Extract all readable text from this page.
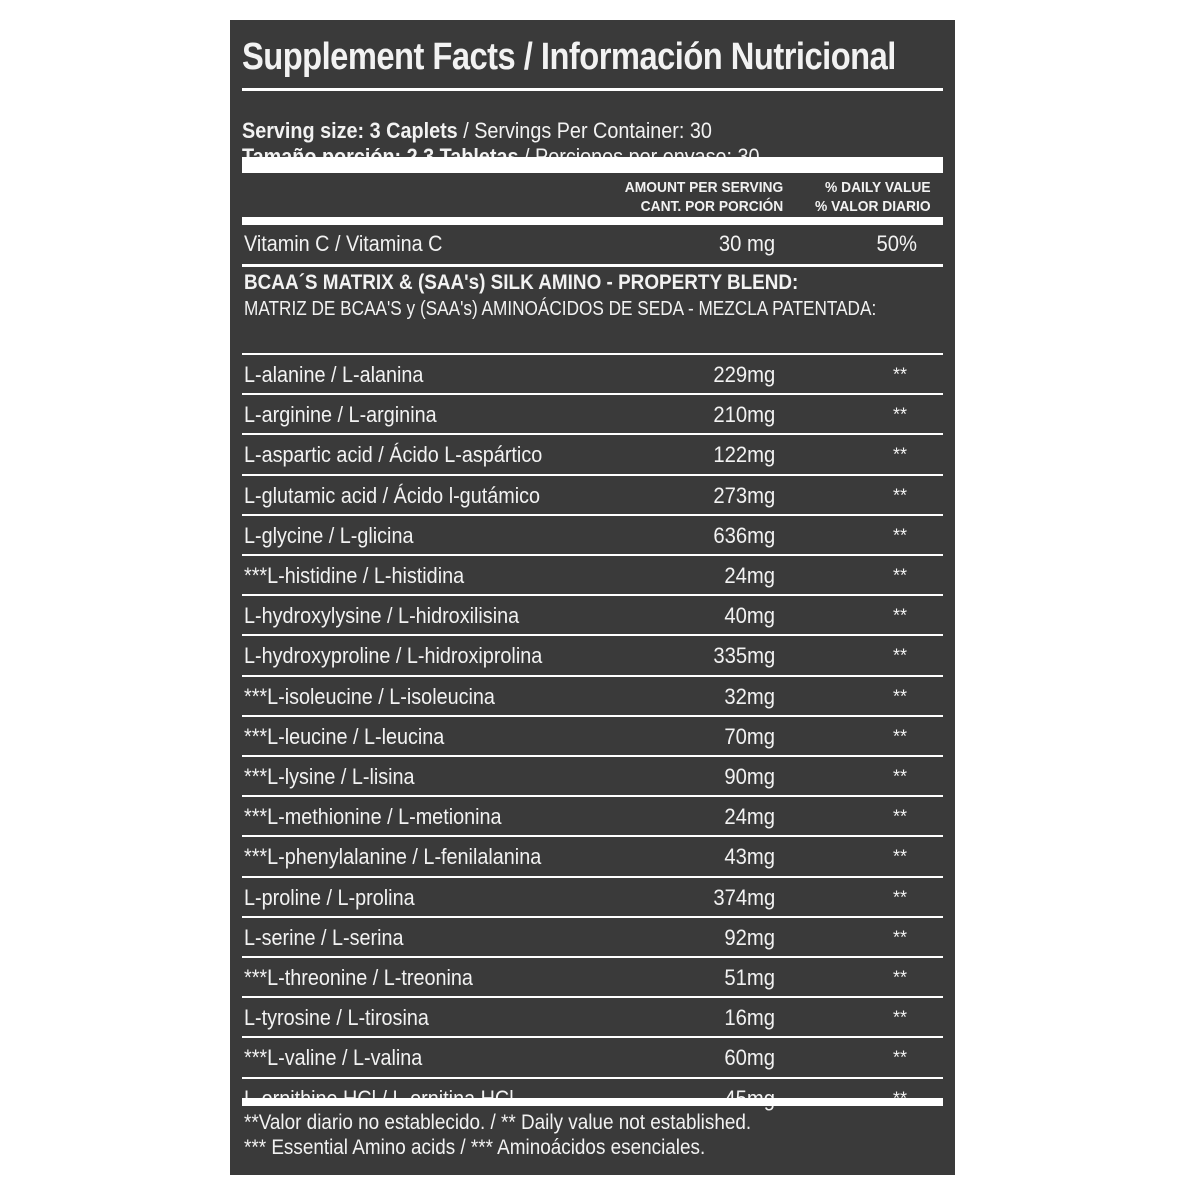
Supplement Facts / Información Nutricional
Serving size: 3 Caplets / Servings Per Container: 30
AMOUNT PER SERVING
CANT. POR PORCIÓN
% DAILY VALUE
% VALOR DIARIO
Vitamin C / Vitamina C	30 mg	50%
BCAA´S MATRIX & (SAA's) SILK AMINO - PROPERTY BLEND:
MATRIZ DE BCAA'S y (SAA's) AMINOÁCIDOS DE SEDA - MEZCLA PATENTADA:
L-alanine / L-alanina	229mg	**
L-arginine / L-arginina	210mg	**
L-aspartic acid / Ácido L-aspártico	122mg	**
L-glutamic acid / Ácido l-gutámico	273mg	**
L-glycine / L-glicina	636mg	**
***L-histidine / L-histidina	24mg	**
L-hydroxylysine / L-hidroxilisina	40mg	**
L-hydroxyproline / L-hidroxiprolina	335mg	**
***L-isoleucine / L-isoleucina	32mg	**
***L-leucine / L-leucina	70mg	**
***L-lysine / L-lisina	90mg	**
***L-methionine / L-metionina	24mg	**
***L-phenylalanine / L-fenilalanina	43mg	**
L-proline / L-prolina	374mg	**
L-serine / L-serina	92mg	**
***L-threonine / L-treonina	51mg	**
L-tyrosine / L-tirosina	16mg	**
***L-valine / L-valina	60mg	**
**Valor diario no establecido. / ** Daily value not established.
*** Essential Amino acids / *** Aminoácidos esenciales.
